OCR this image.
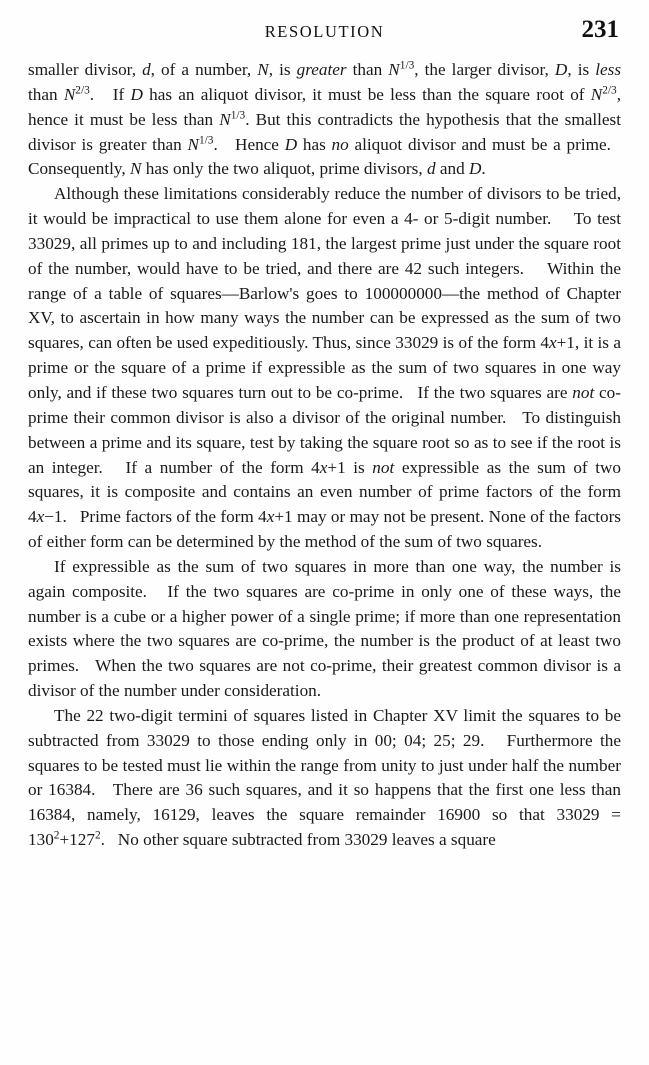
RESOLUTION	231

smaller divisor, d, of a number, N, is greater than $N^{1/3}$, the larger divisor, D, is less than $N^{2/3}$.   If D has an aliquot divisor, it must be less than the square root of $N^{2/3}$, hence it must be less than $N^{1/3}$. But this contradicts the hypothesis that the smallest divisor is greater than $N^{1/3}$.   Hence D has no aliquot divisor and must be a prime.   Consequently, N has only the two aliquot, prime divisors, d and D.

Although these limitations considerably reduce the number of divisors to be tried, it would be impractical to use them alone for even a 4- or 5-digit number.    To test 33029, all primes up to and including 181, the largest prime just under the square root of the number, would have to be tried, and there are 42 such integers.    Within the range of a table of squares—Barlow's goes to 100000000—the method of Chapter XV, to ascertain in how many ways the number can be expressed as the sum of two squares, can often be used expeditiously. Thus, since 33029 is of the form 4x+1, it is a prime or the square of a prime if expressible as the sum of two squares in one way only, and if these two squares turn out to be co-prime.   If the two squares are not co-prime their common divisor is also a divisor of the original number.   To distinguish between a prime and its square, test by taking the square root so as to see if the root is an integer.   If a number of the form 4x+1 is not expressible as the sum of two squares, it is composite and contains an even number of prime factors of the form 4x−1.   Prime factors of the form 4x+1 may or may not be present. None of the factors of either form can be determined by the method of the sum of two squares.

If expressible as the sum of two squares in more than one way, the number is again composite.   If the two squares are co-prime in only one of these ways, the number is a cube or a higher power of a single prime; if more than one representation exists where the two squares are co-prime, the number is the product of at least two primes.   When the two squares are not co-prime, their greatest common divisor is a divisor of the number under consideration.

The 22 two-digit termini of squares listed in Chapter XV limit the squares to be subtracted from 33029 to those ending only in 00; 04; 25; 29.   Furthermore the squares to be tested must lie within the range from unity to just under half the number or 16384.   There are 36 such squares, and it so happens that the first one less than 16384, namely, 16129, leaves the square remainder 16900 so that $33029 = 130^2+127^2$.   No other square subtracted from 33029 leaves a square
